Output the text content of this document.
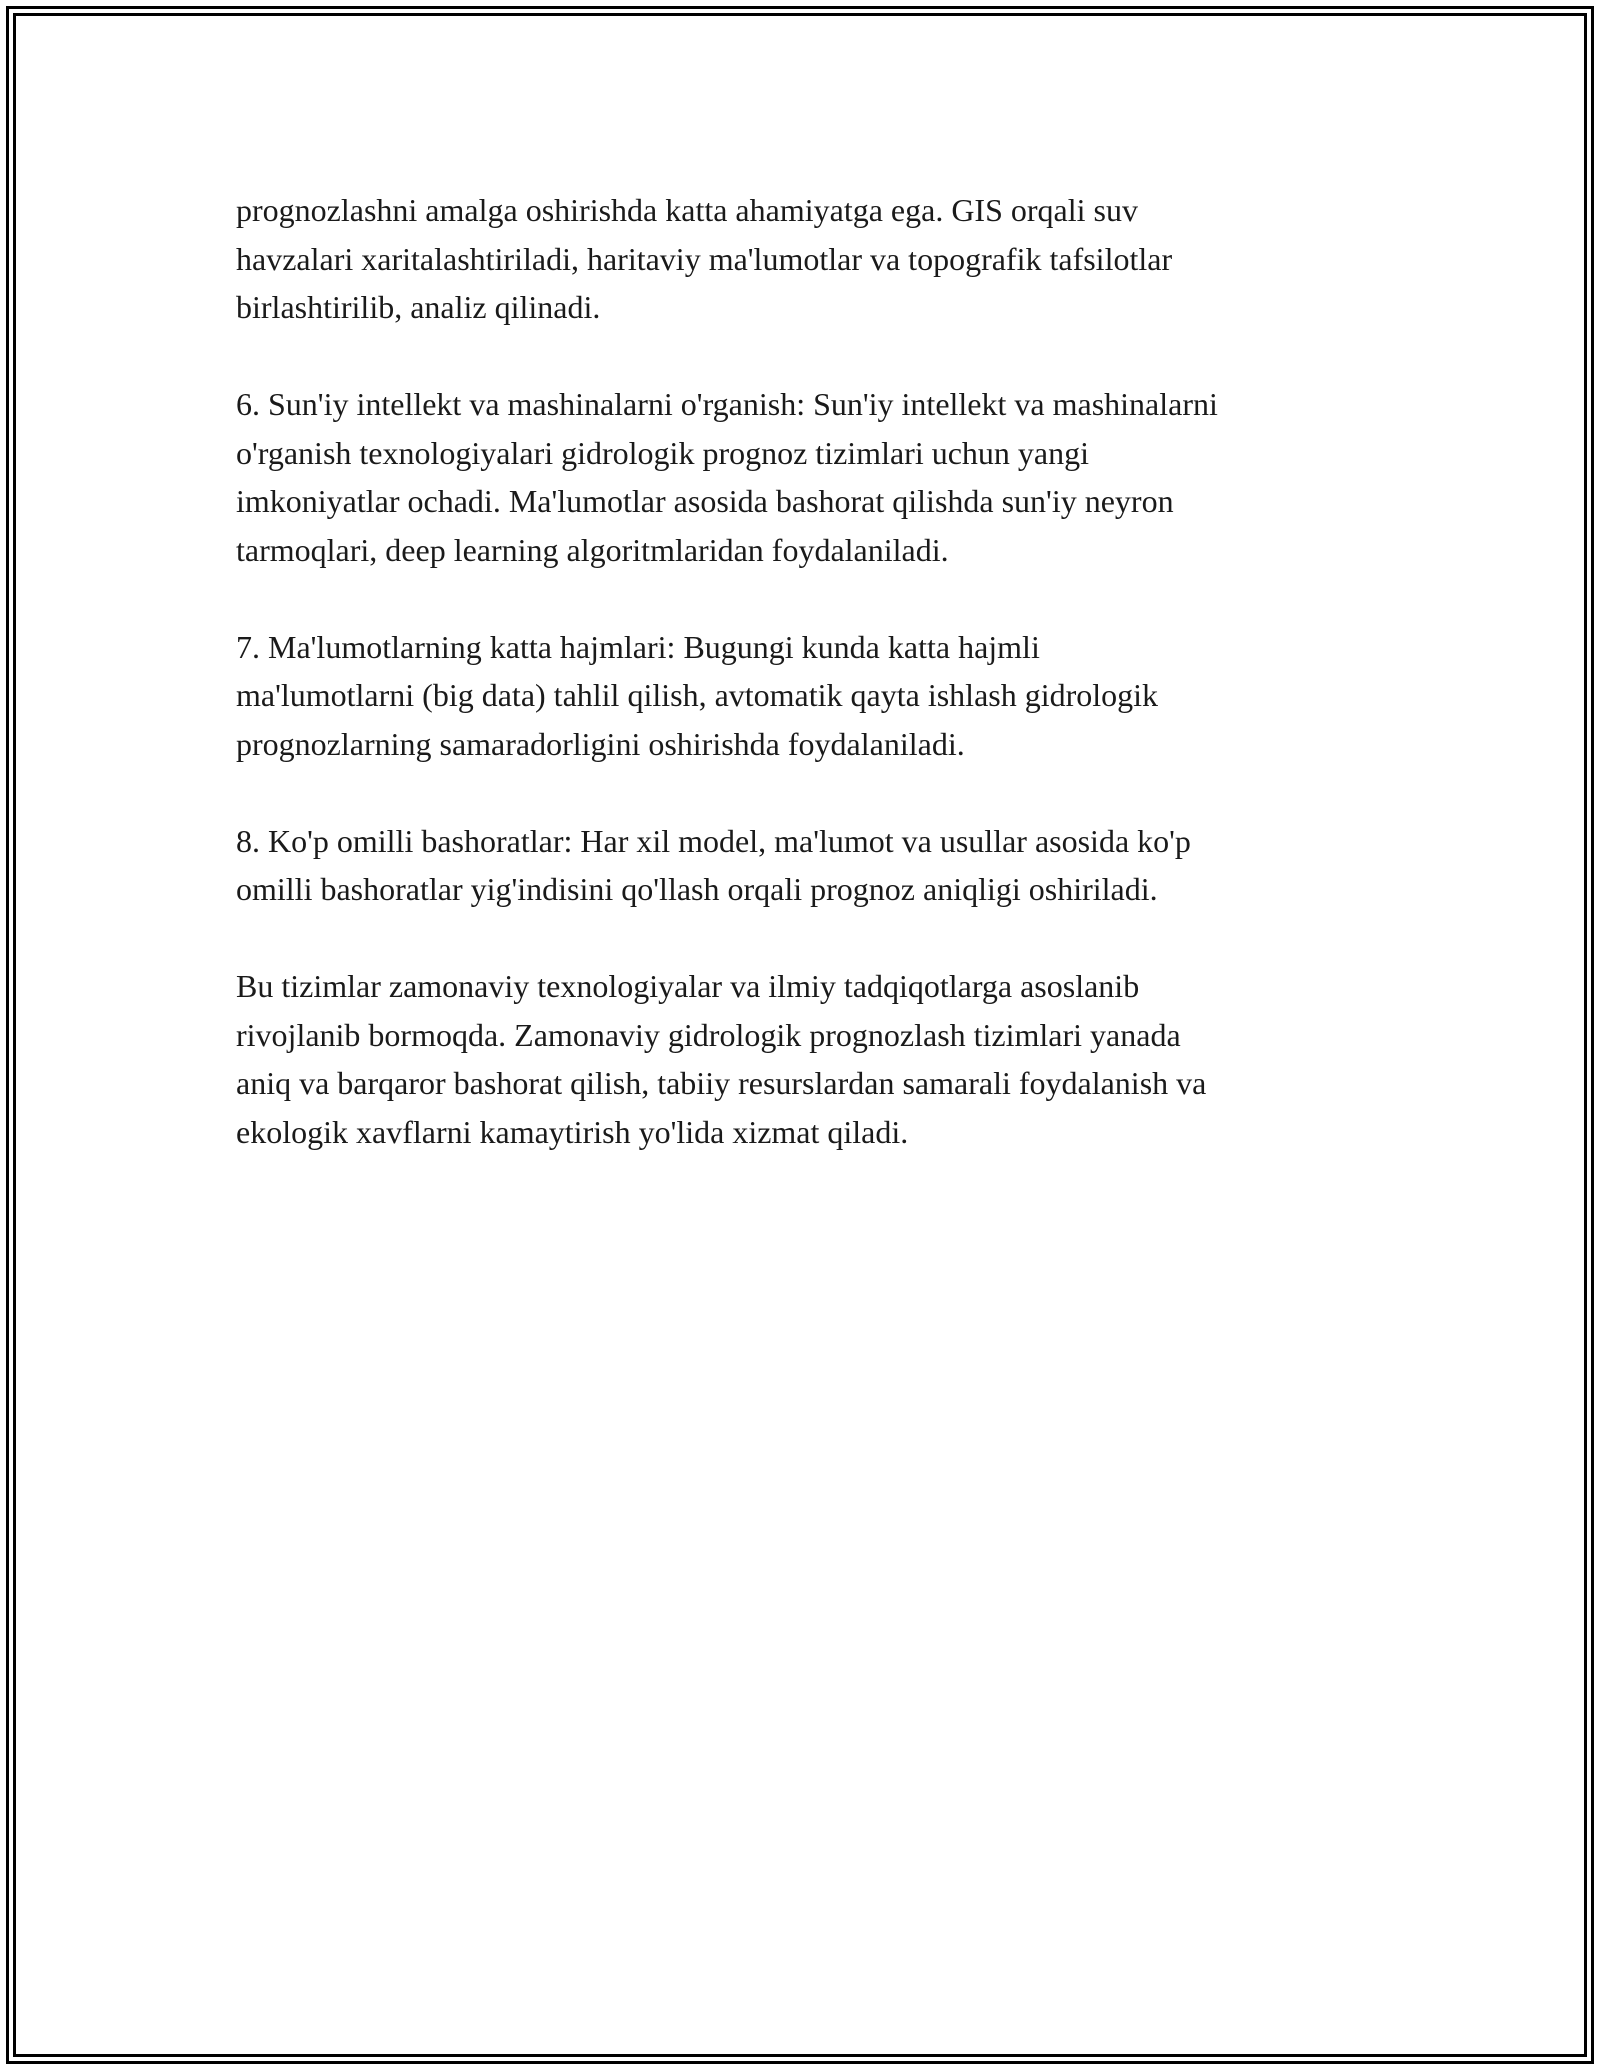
prognozlashni amalga oshirishda katta ahamiyatga ega. GIS orqali suv
havzalari xaritalashtiriladi, haritaviy ma'lumotlar va topografik tafsilotlar
birlashtirilib, analiz qilinadi.

6. Sun'iy intellekt va mashinalarni o'rganish: Sun'iy intellekt va mashinalarni
o'rganish texnologiyalari gidrologik prognoz tizimlari uchun yangi
imkoniyatlar ochadi. Ma'lumotlar asosida bashorat qilishda sun'iy neyron
tarmoqlari, deep learning algoritmlaridan foydalaniladi.

7. Ma'lumotlarning katta hajmlari: Bugungi kunda katta hajmli
ma'lumotlarni (big data) tahlil qilish, avtomatik qayta ishlash gidrologik
prognozlarning samaradorligini oshirishda foydalaniladi.

8. Ko'p omilli bashoratlar: Har xil model, ma'lumot va usullar asosida ko'p
omilli bashoratlar yig'indisini qo'llash orqali prognoz aniqligi oshiriladi.

Bu tizimlar zamonaviy texnologiyalar va ilmiy tadqiqotlarga asoslanib
rivojlanib bormoqda. Zamonaviy gidrologik prognozlash tizimlari yanada
aniq va barqaror bashorat qilish, tabiiy resurslardan samarali foydalanish va
ekologik xavflarni kamaytirish yo'lida xizmat qiladi.
